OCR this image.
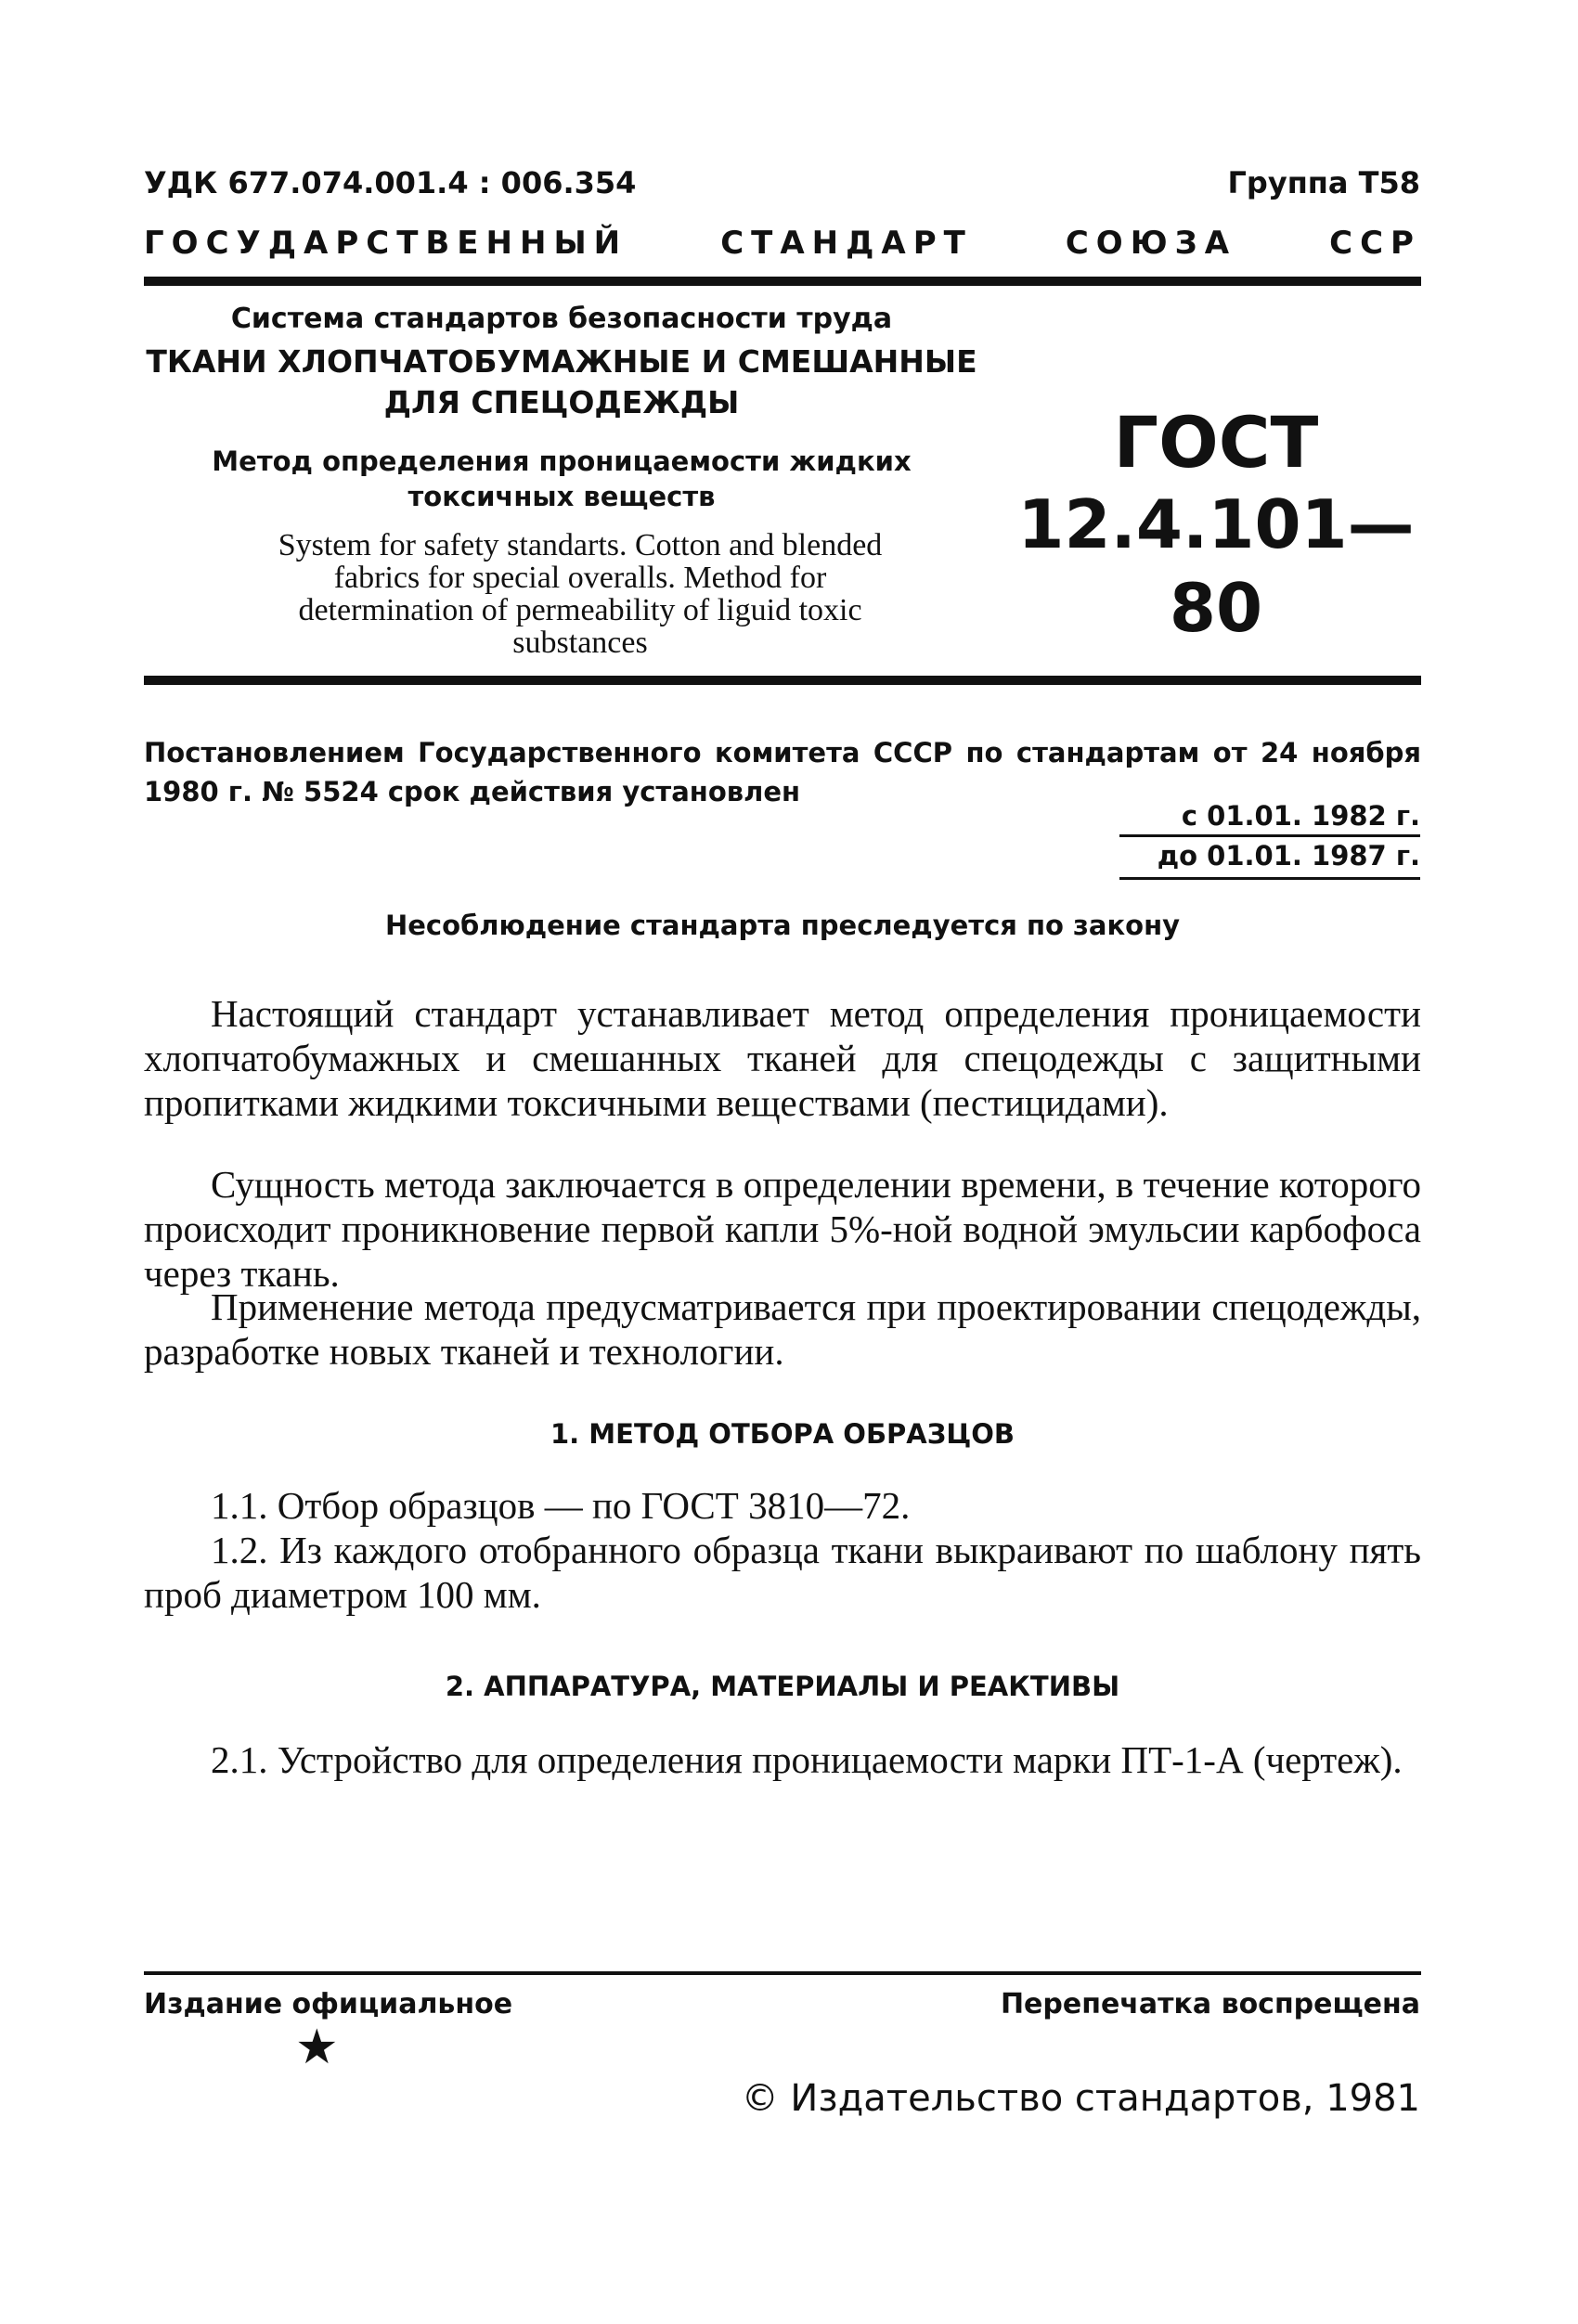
УДК 677.074.001.4 : 006.354	Группа Т58
ГОСУДАРСТВЕННЫЙ	СТАНДАРТ	СОЮЗА	ССР
Система стандартов безопасности труда
ТКАНИ ХЛОПЧАТОБУМАЖНЫЕ И СМЕШАННЫЕ
ДЛЯ СПЕЦОДЕЖДЫ
Метод определения проницаемости жидких
токсичных веществ
System for safety standarts. Cotton and blended
fabrics for special overalls. Method for
determination of permeability of liguid toxic
substances
ГОСТ
12.4.101—80
Постановлением Государственного комитета СССР по стандартам от 24 ноября 1980 г. № 5524 срок действия установлен
с 01.01. 1982 г.
до 01.01. 1987 г.
Несоблюдение стандарта преследуется по закону
Настоящий стандарт устанавливает метод определения проницаемости хлопчатобумажных и смешанных тканей для спецодежды с защитными пропитками жидкими токсичными веществами (пестицидами).
Сущность метода заключается в определении времени, в течение которого происходит проникновение первой капли 5%-ной водной эмульсии карбофоса через ткань.
Применение метода предусматривается при проектировании спецодежды, разработке новых тканей и технологии.
1. МЕТОД ОТБОРА ОБРАЗЦОВ
1.1. Отбор образцов — по ГОСТ 3810—72.
1.2. Из каждого отобранного образца ткани выкраивают по шаблону пять проб диаметром 100 мм.
2. АППАРАТУРА, МАТЕРИАЛЫ И РЕАКТИВЫ
2.1. Устройство для определения проницаемости марки ПТ-1-А (чертеж).
Издание официальное	Перепечатка воспрещена
★
© Издательство стандартов, 1981
